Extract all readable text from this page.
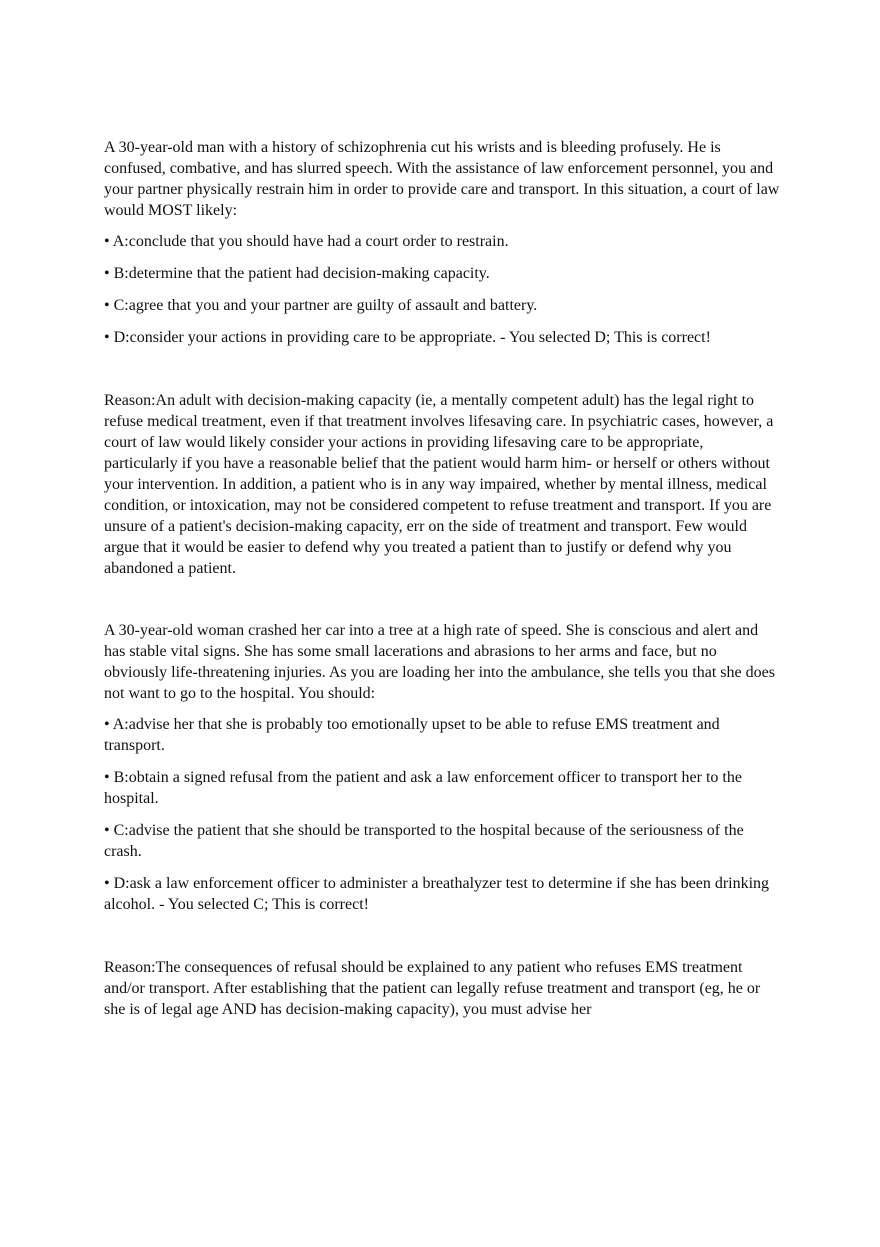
A 30-year-old man with a history of schizophrenia cut his wrists and is bleeding profusely. He is confused, combative, and has slurred speech. With the assistance of law enforcement personnel, you and your partner physically restrain him in order to provide care and transport. In this situation, a court of law would MOST likely:

• A:conclude that you should have had a court order to restrain.

• B:determine that the patient had decision-making capacity.

• C:agree that you and your partner are guilty of assault and battery.

• D:consider your actions in providing care to be appropriate. - You selected D; This is correct!

Reason:An adult with decision-making capacity (ie, a mentally competent adult) has the legal right to refuse medical treatment, even if that treatment involves lifesaving care. In psychiatric cases, however, a court of law would likely consider your actions in providing lifesaving care to be appropriate, particularly if you have a reasonable belief that the patient would harm him- or herself or others without your intervention. In addition, a patient who is in any way impaired, whether by mental illness, medical condition, or intoxication, may not be considered competent to refuse treatment and transport. If you are unsure of a patient's decision-making capacity, err on the side of treatment and transport. Few would argue that it would be easier to defend why you treated a patient than to justify or defend why you abandoned a patient.

A 30-year-old woman crashed her car into a tree at a high rate of speed. She is conscious and alert and has stable vital signs. She has some small lacerations and abrasions to her arms and face, but no obviously life-threatening injuries. As you are loading her into the ambulance, she tells you that she does not want to go to the hospital. You should:

• A:advise her that she is probably too emotionally upset to be able to refuse EMS treatment and transport.

• B:obtain a signed refusal from the patient and ask a law enforcement officer to transport her to the hospital.

• C:advise the patient that she should be transported to the hospital because of the seriousness of the crash.

• D:ask a law enforcement officer to administer a breathalyzer test to determine if she has been drinking alcohol. - You selected C; This is correct!

Reason:The consequences of refusal should be explained to any patient who refuses EMS treatment and/or transport. After establishing that the patient can legally refuse treatment and transport (eg, he or she is of legal age AND has decision-making capacity), you must advise her
